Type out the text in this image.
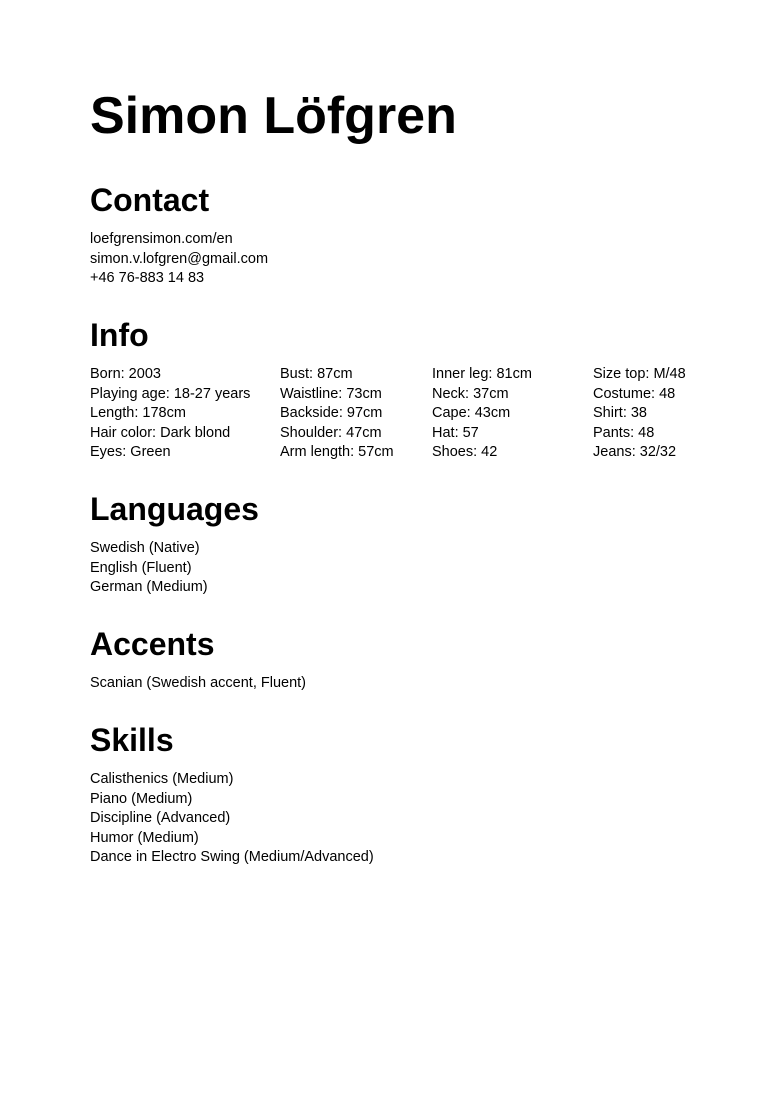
Simon Löfgren
Contact
loefgrensimon.com/en
simon.v.lofgren@gmail.com
+46 76-883 14 83
Info
Born: 2003
Playing age: 18-27 years
Length: 178cm
Hair color: Dark blond
Eyes: Green
Bust: 87cm
Waistline: 73cm
Backside: 97cm
Shoulder: 47cm
Arm length: 57cm
Inner leg: 81cm
Neck: 37cm
Cape: 43cm
Hat: 57
Shoes: 42
Size top: M/48
Costume: 48
Shirt: 38
Pants: 48
Jeans: 32/32
Languages
Swedish (Native)
English (Fluent)
German (Medium)
Accents
Scanian (Swedish accent, Fluent)
Skills
Calisthenics (Medium)
Piano (Medium)
Discipline (Advanced)
Humor (Medium)
Dance in Electro Swing (Medium/Advanced)
